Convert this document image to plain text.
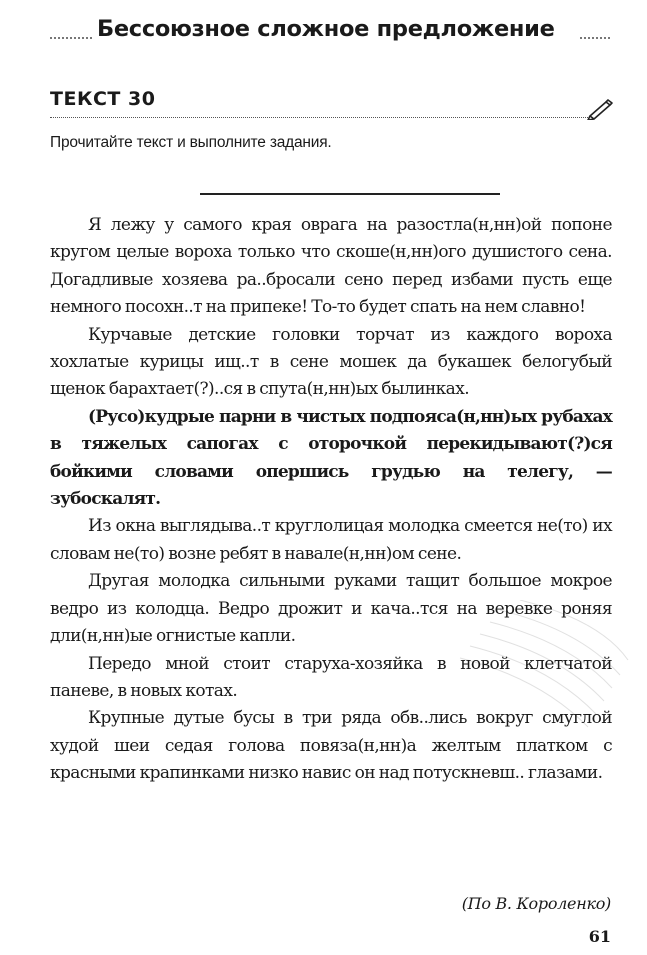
Бессоюзное сложное предложение
ТЕКСТ 30
Прочитайте текст и выполните задания.

Я лежу у самого края оврага на разостла(н,нн)ой попоне кругом целые вороха только что скоше(н,нн)ого душистого сена. Догадливые хозяева ра..бросали сено перед избами пусть еще немного посохн..т на припеке! То-то будет спать на нем славно!

Курчавые детские головки торчат из каждого вороха хохлатые курицы ищ..т в сене мошек да букашек белогубый щенок барахтает(?)..ся в спута(н,нн)ых былинках.

(Русо)кудрые парни в чистых подпояса(н,нн)ых рубахах в тяжелых сапогах с оторочкой перекидывают(?)ся бойкими словами опершись грудью на телегу, — зубоскалят.

Из окна выглядыва..т круглолицая молодка смеется не(то) их словам не(то) возне ребят в навале(н,нн)ом сене.

Другая молодка сильными руками тащит большое мокрое ведро из колодца. Ведро дрожит и кача..тся на веревке роняя дли(н,нн)ые огнистые капли.

Передо мной стоит старуха-хозяйка в новой клетчатой паневе, в новых котах.

Крупные дутые бусы в три ряда обв..лись вокруг смуглой худой шеи седая голова повяза(н,нн)а желтым платком с красными крапинками низко навис он над потускневш.. глазами.

(По В. Короленко)
61
